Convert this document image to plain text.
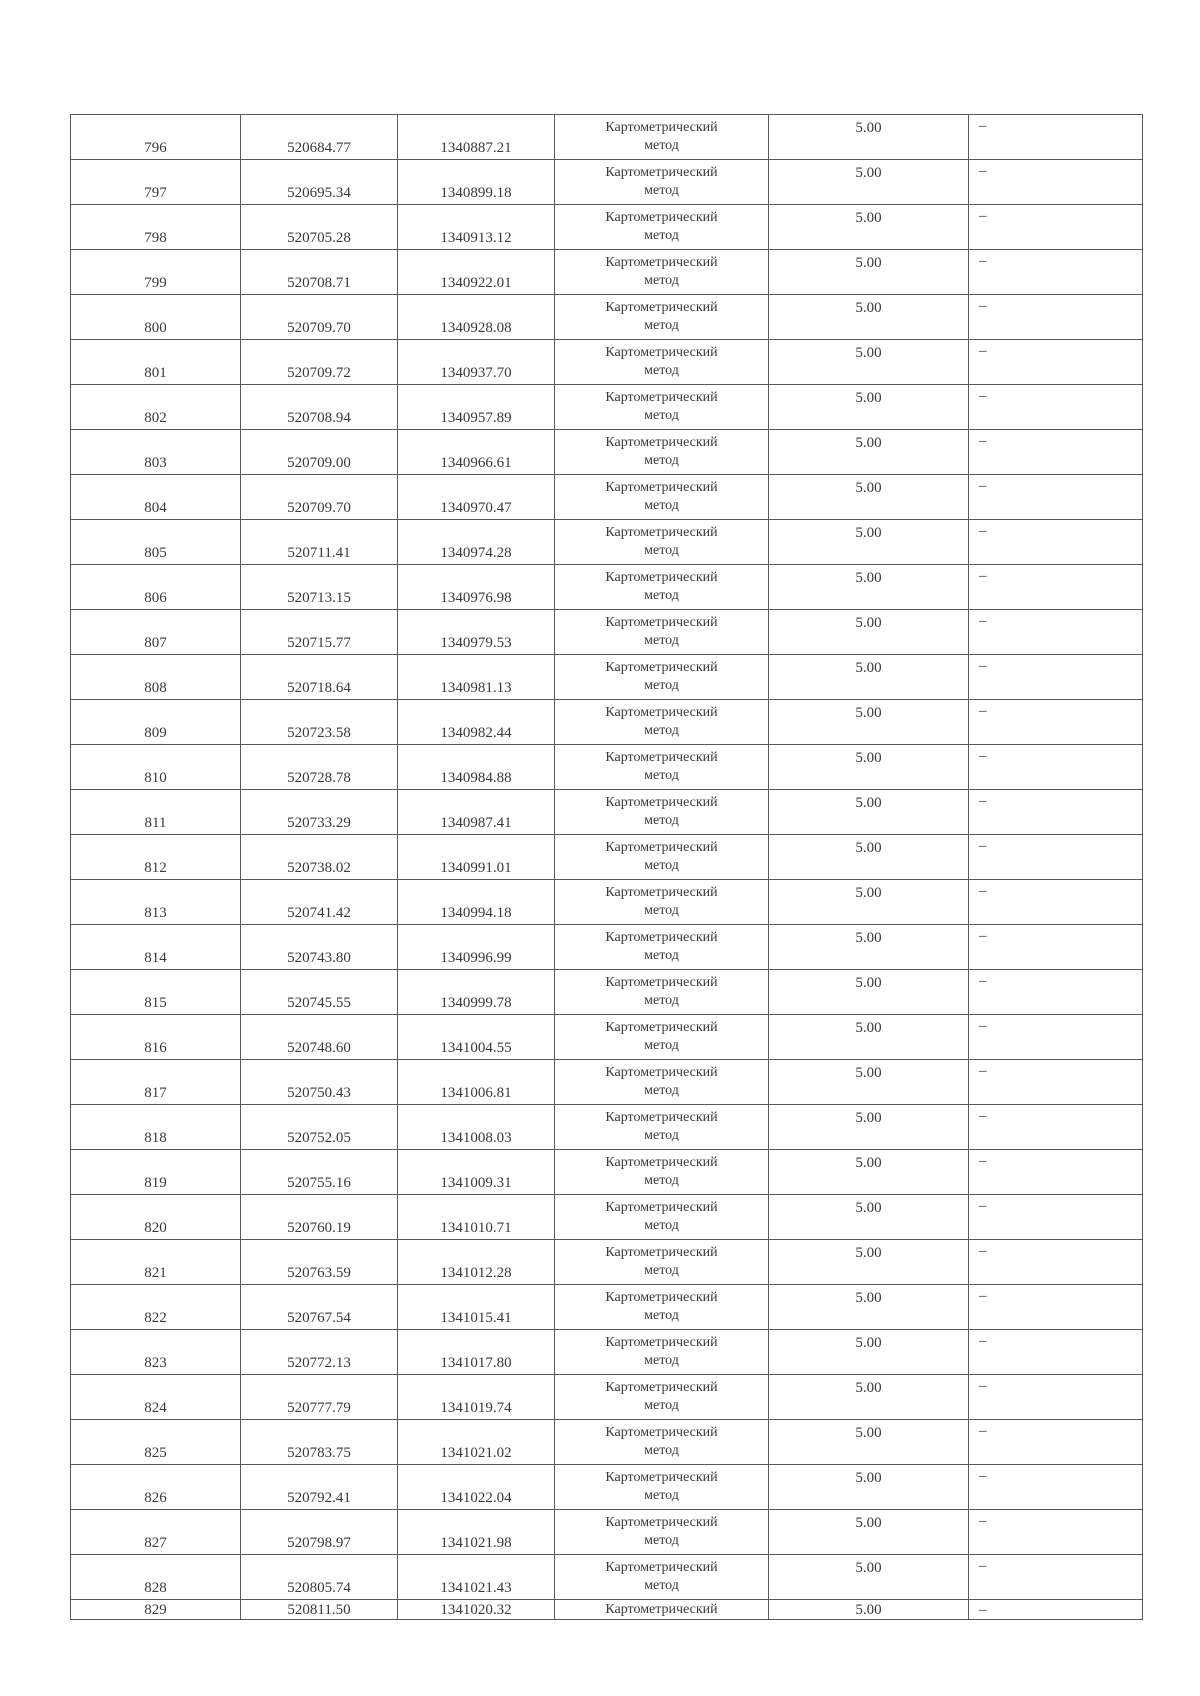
796	520684.77	1340887.21	Картометрический
метод	5.00	–
797	520695.34	1340899.18	Картометрический
метод	5.00	–
798	520705.28	1340913.12	Картометрический
метод	5.00	–
799	520708.71	1340922.01	Картометрический
метод	5.00	–
800	520709.70	1340928.08	Картометрический
метод	5.00	–
801	520709.72	1340937.70	Картометрический
метод	5.00	–
802	520708.94	1340957.89	Картометрический
метод	5.00	–
803	520709.00	1340966.61	Картометрический
метод	5.00	–
804	520709.70	1340970.47	Картометрический
метод	5.00	–
805	520711.41	1340974.28	Картометрический
метод	5.00	–
806	520713.15	1340976.98	Картометрический
метод	5.00	–
807	520715.77	1340979.53	Картометрический
метод	5.00	–
808	520718.64	1340981.13	Картометрический
метод	5.00	–
809	520723.58	1340982.44	Картометрический
метод	5.00	–
810	520728.78	1340984.88	Картометрический
метод	5.00	–
811	520733.29	1340987.41	Картометрический
метод	5.00	–
812	520738.02	1340991.01	Картометрический
метод	5.00	–
813	520741.42	1340994.18	Картометрический
метод	5.00	–
814	520743.80	1340996.99	Картометрический
метод	5.00	–
815	520745.55	1340999.78	Картометрический
метод	5.00	–
816	520748.60	1341004.55	Картометрический
метод	5.00	–
817	520750.43	1341006.81	Картометрический
метод	5.00	–
818	520752.05	1341008.03	Картометрический
метод	5.00	–
819	520755.16	1341009.31	Картометрический
метод	5.00	–
820	520760.19	1341010.71	Картометрический
метод	5.00	–
821	520763.59	1341012.28	Картометрический
метод	5.00	–
822	520767.54	1341015.41	Картометрический
метод	5.00	–
823	520772.13	1341017.80	Картометрический
метод	5.00	–
824	520777.79	1341019.74	Картометрический
метод	5.00	–
825	520783.75	1341021.02	Картометрический
метод	5.00	–
826	520792.41	1341022.04	Картометрический
метод	5.00	–
827	520798.97	1341021.98	Картометрический
метод	5.00	–
828	520805.74	1341021.43	Картометрический
метод	5.00	–
829	520811.50	1341020.32	Картометрический	5.00	–
